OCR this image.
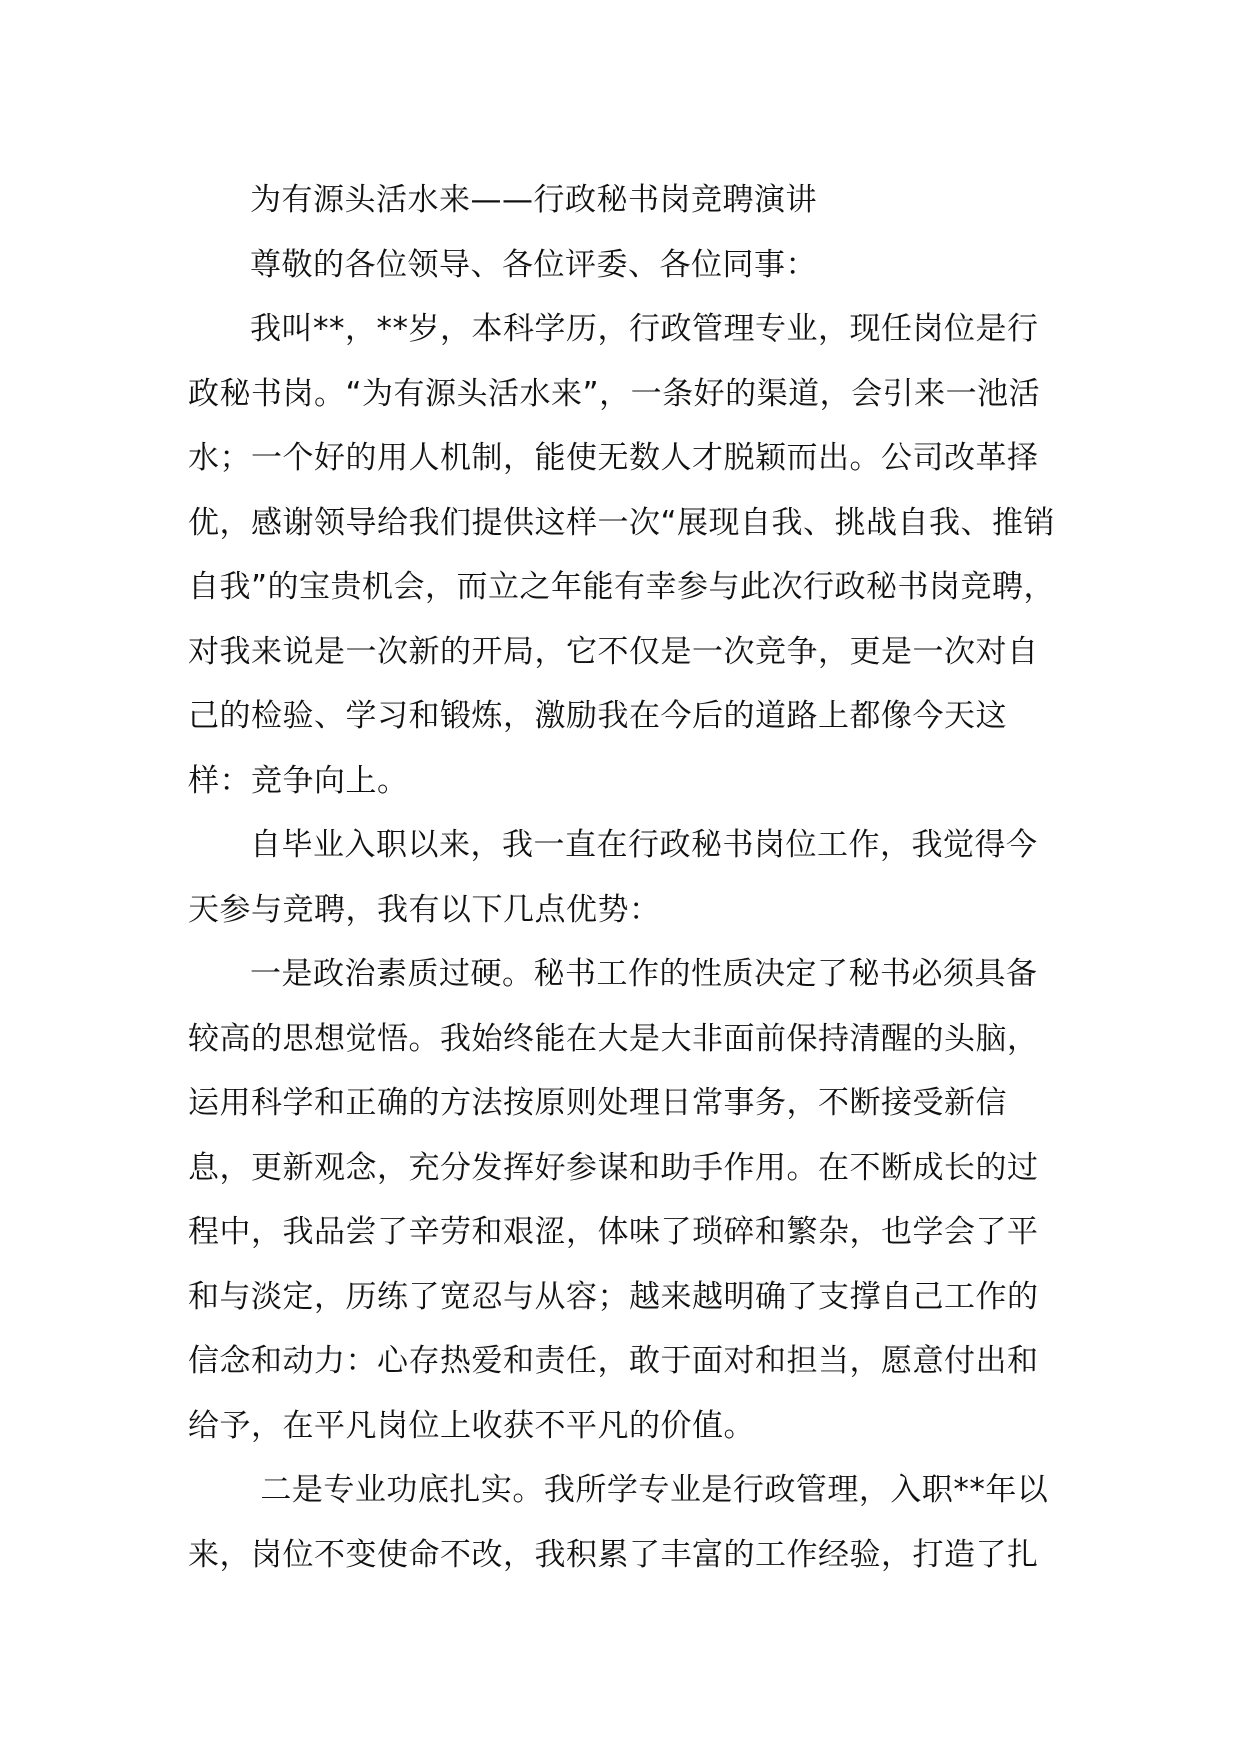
为有源头活水来——行政秘书岗竞聘演讲

尊敬的各位领导、各位评委、各位同事：

我叫**，**岁，本科学历，行政管理专业，现任岗位是行政秘书岗。“为有源头活水来”，一条好的渠道，会引来一池活水；一个好的用人机制，能使无数人才脱颖而出。公司改革择优，感谢领导给我们提供这样一次“展现自我、挑战自我、推销自我”的宝贵机会，而立之年能有幸参与此次行政秘书岗竞聘，对我来说是一次新的开局，它不仅是一次竞争，更是一次对自己的检验、学习和锻炼，激励我在今后的道路上都像今天这样：竞争向上。

自毕业入职以来，我一直在行政秘书岗位工作，我觉得今天参与竞聘，我有以下几点优势：

一是政治素质过硬。秘书工作的性质决定了秘书必须具备较高的思想觉悟。我始终能在大是大非面前保持清醒的头脑，运用科学和正确的方法按原则处理日常事务，不断接受新信息，更新观念，充分发挥好参谋和助手作用。在不断成长的过程中，我品尝了辛劳和艰涩，体味了琐碎和繁杂，也学会了平和与淡定，历练了宽忍与从容；越来越明确了支撑自己工作的信念和动力：心存热爱和责任，敢于面对和担当，愿意付出和给予，在平凡岗位上收获不平凡的价值。

二是专业功底扎实。我所学专业是行政管理，入职**年以来，岗位不变使命不改，我积累了丰富的工作经验，打造了扎
